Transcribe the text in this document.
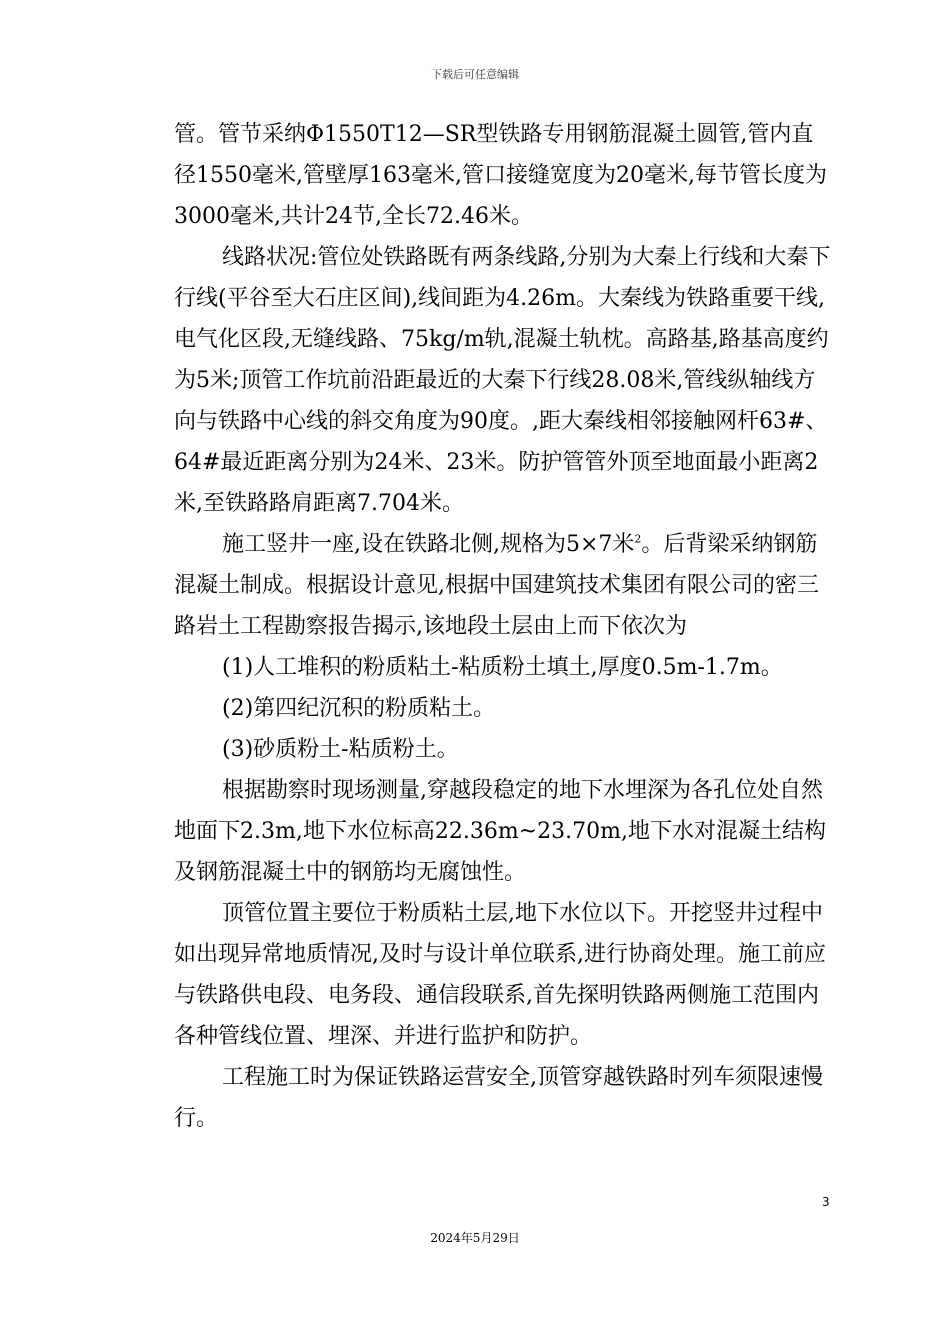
下载后可任意编辑

管。管节采纳Φ1550T12—SR型铁路专用钢筋混凝土圆管,管内直径1550毫米,管壁厚163毫米,管口接缝宽度为20毫米,每节管长度为3000毫米,共计24节,全长72.46米。

线路状况:管位处铁路既有两条线路,分别为大秦上行线和大秦下行线(平谷至大石庄区间),线间距为4.26m。大秦线为铁路重要干线,电气化区段,无缝线路、75kg/m轨,混凝土轨枕。高路基,路基高度约为5米;顶管工作坑前沿距最近的大秦下行线28.08米,管线纵轴线方向与铁路中心线的斜交角度为90度。,距大秦线相邻接触网杆63#、64#最近距离分别为24米、23米。防护管管外顶至地面最小距离2米,至铁路路肩距离7.704米。

施工竖井一座,设在铁路北侧,规格为5×7米$^2$。后背梁采纳钢筋混凝土制成。根据设计意见,根据中国建筑技术集团有限公司的密三路岩土工程勘察报告揭示,该地段土层由上而下依次为

(1)人工堆积的粉质粘土-粘质粉土填土,厚度0.5m-1.7m。

(2)第四纪沉积的粉质粘土。

(3)砂质粉土-粘质粉土。

根据勘察时现场测量,穿越段稳定的地下水埋深为各孔位处自然地面下2.3m,地下水位标高22.36m~23.70m,地下水对混凝土结构及钢筋混凝土中的钢筋均无腐蚀性。

顶管位置主要位于粉质粘土层,地下水位以下。开挖竖井过程中如出现异常地质情况,及时与设计单位联系,进行协商处理。施工前应与铁路供电段、电务段、通信段联系,首先探明铁路两侧施工范围内各种管线位置、埋深、并进行监护和防护。

工程施工时为保证铁路运营安全,顶管穿越铁路时列车须限速慢行。

3
2024年5月29日
